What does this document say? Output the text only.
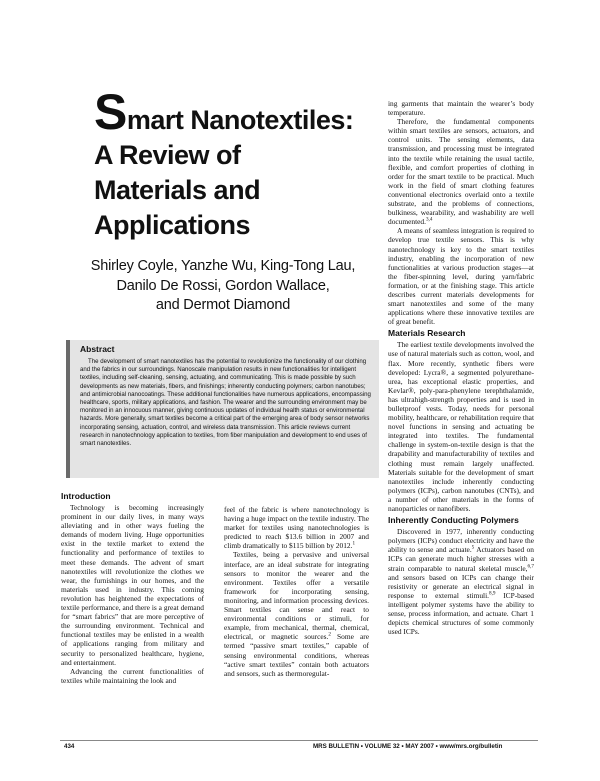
Smart Nanotextiles:
A Review of
Materials and
Applications
Shirley Coyle, Yanzhe Wu, King-Tong Lau,
Danilo De Rossi, Gordon Wallace,
and Dermot Diamond
Abstract

The development of smart nanotextiles has the potential to revolutionize the functionality of our clothing and the fabrics in our surroundings. Nanoscale manipulation results in new functionalities for intelligent textiles, including self-cleaning, sensing, actuating, and communicating. This is made possible by such developments as new materials, fibers, and finishings; inherently conducting polymers; carbon nanotubes; and antimicrobial nanocoatings. These additional functionalities have numerous applications, encompassing healthcare, sports, military applications, and fashion. The wearer and the surrounding environment may be monitored in an innocuous manner, giving continuous updates of individual health status or environmental hazards. More generally, smart textiles become a critical part of the emerging area of body sensor networks incorporating sensing, actuation, control, and wireless data transmission. This article reviews current research in nanotechnology application to textiles, from fiber manipulation and development to end uses of smart nanotextiles.

Introduction

Technology is becoming increasingly prominent in our daily lives, in many ways alleviating and in other ways fueling the demands of modern living. Huge opportunities exist in the textile market to extend the functionality and performance of textiles to meet these demands. The advent of smart nanotextiles will revolutionize the clothes we wear, the furnishings in our homes, and the materials used in industry. This coming revolution has heightened the expectations of textile performance, and there is a great demand for “smart fabrics” that are more perceptive of the surrounding environment. Technical and functional textiles may be enlisted in a wealth of applications ranging from military and security to personalized healthcare, hygiene, and entertainment.

Advancing the current functionalities of textiles while maintaining the look and

feel of the fabric is where nanotechnology is having a huge impact on the textile industry. The market for textiles using nanotechnologies is predicted to reach $13.6 billion in 2007 and climb dramatically to $115 billion by 2012.$^1$

Textiles, being a pervasive and universal interface, are an ideal substrate for integrating sensors to monitor the wearer and the environment. Textiles offer a versatile framework for incorporating sensing, monitoring, and information processing devices. Smart textiles can sense and react to environmental conditions or stimuli, for example, from mechanical, thermal, chemical, electrical, or magnetic sources.$^2$ Some are termed “passive smart textiles,” capable of sensing environmental conditions, whereas “active smart textiles” contain both actuators and sensors, such as thermoregulat-

ing garments that maintain the wearer’s body temperature.

Therefore, the fundamental components within smart textiles are sensors, actuators, and control units. The sensing elements, data transmission, and processing must be integrated into the textile while retaining the usual tactile, flexible, and comfort properties of clothing in order for the smart textile to be practical. Much work in the field of smart clothing features conventional electronics overlaid onto a textile substrate, and the problems of connections, bulkiness, wearability, and washability are well documented.$^{3,4}$

A means of seamless integration is required to develop true textile sensors. This is why nanotechnology is key to the smart textiles industry, enabling the incorporation of new functionalities at various production stages—at the fiber-spinning level, during yarn/fabric formation, or at the finishing stage. This article describes current materials developments for smart nanotextiles and some of the many applications where these innovative textiles are of great benefit.

Materials Research

The earliest textile developments involved the use of natural materials such as cotton, wool, and flax. More recently, synthetic fibers were developed: Lycra®, a segmented polyurethane-urea, has exceptional elastic properties, and Kevlar®, poly-para-phenylene terephthalamide, has ultrahigh-strength properties and is used in bulletproof vests. Today, needs for personal mobility, healthcare, or rehabilitation require that novel functions in sensing and actuating be integrated into textiles. The fundamental challenge in system-on-textile design is that the drapability and manufacturability of textiles and clothing must remain largely unaffected. Materials suitable for the development of smart nanotextiles include inherently conducting polymers (ICPs), carbon nanotubes (CNTs), and a number of other materials in the forms of nanoparticles or nanofibers.

Inherently Conducting Polymers

Discovered in 1977, inherently conducting polymers (ICPs) conduct electricity and have the ability to sense and actuate.$^5$ Actuators based on ICPs can generate much higher stresses with a strain comparable to natural skeletal muscle,$^{6,7}$ and sensors based on ICPs can change their resistivity or generate an electrical signal in response to external stimuli.$^{8,9}$ ICP-based intelligent polymer systems have the ability to sense, process information, and actuate. Chart 1 depicts chemical structures of some commonly used ICPs.

434	MRS BULLETIN • VOLUME 32 • MAY 2007 • www/mrs.org/bulletin
